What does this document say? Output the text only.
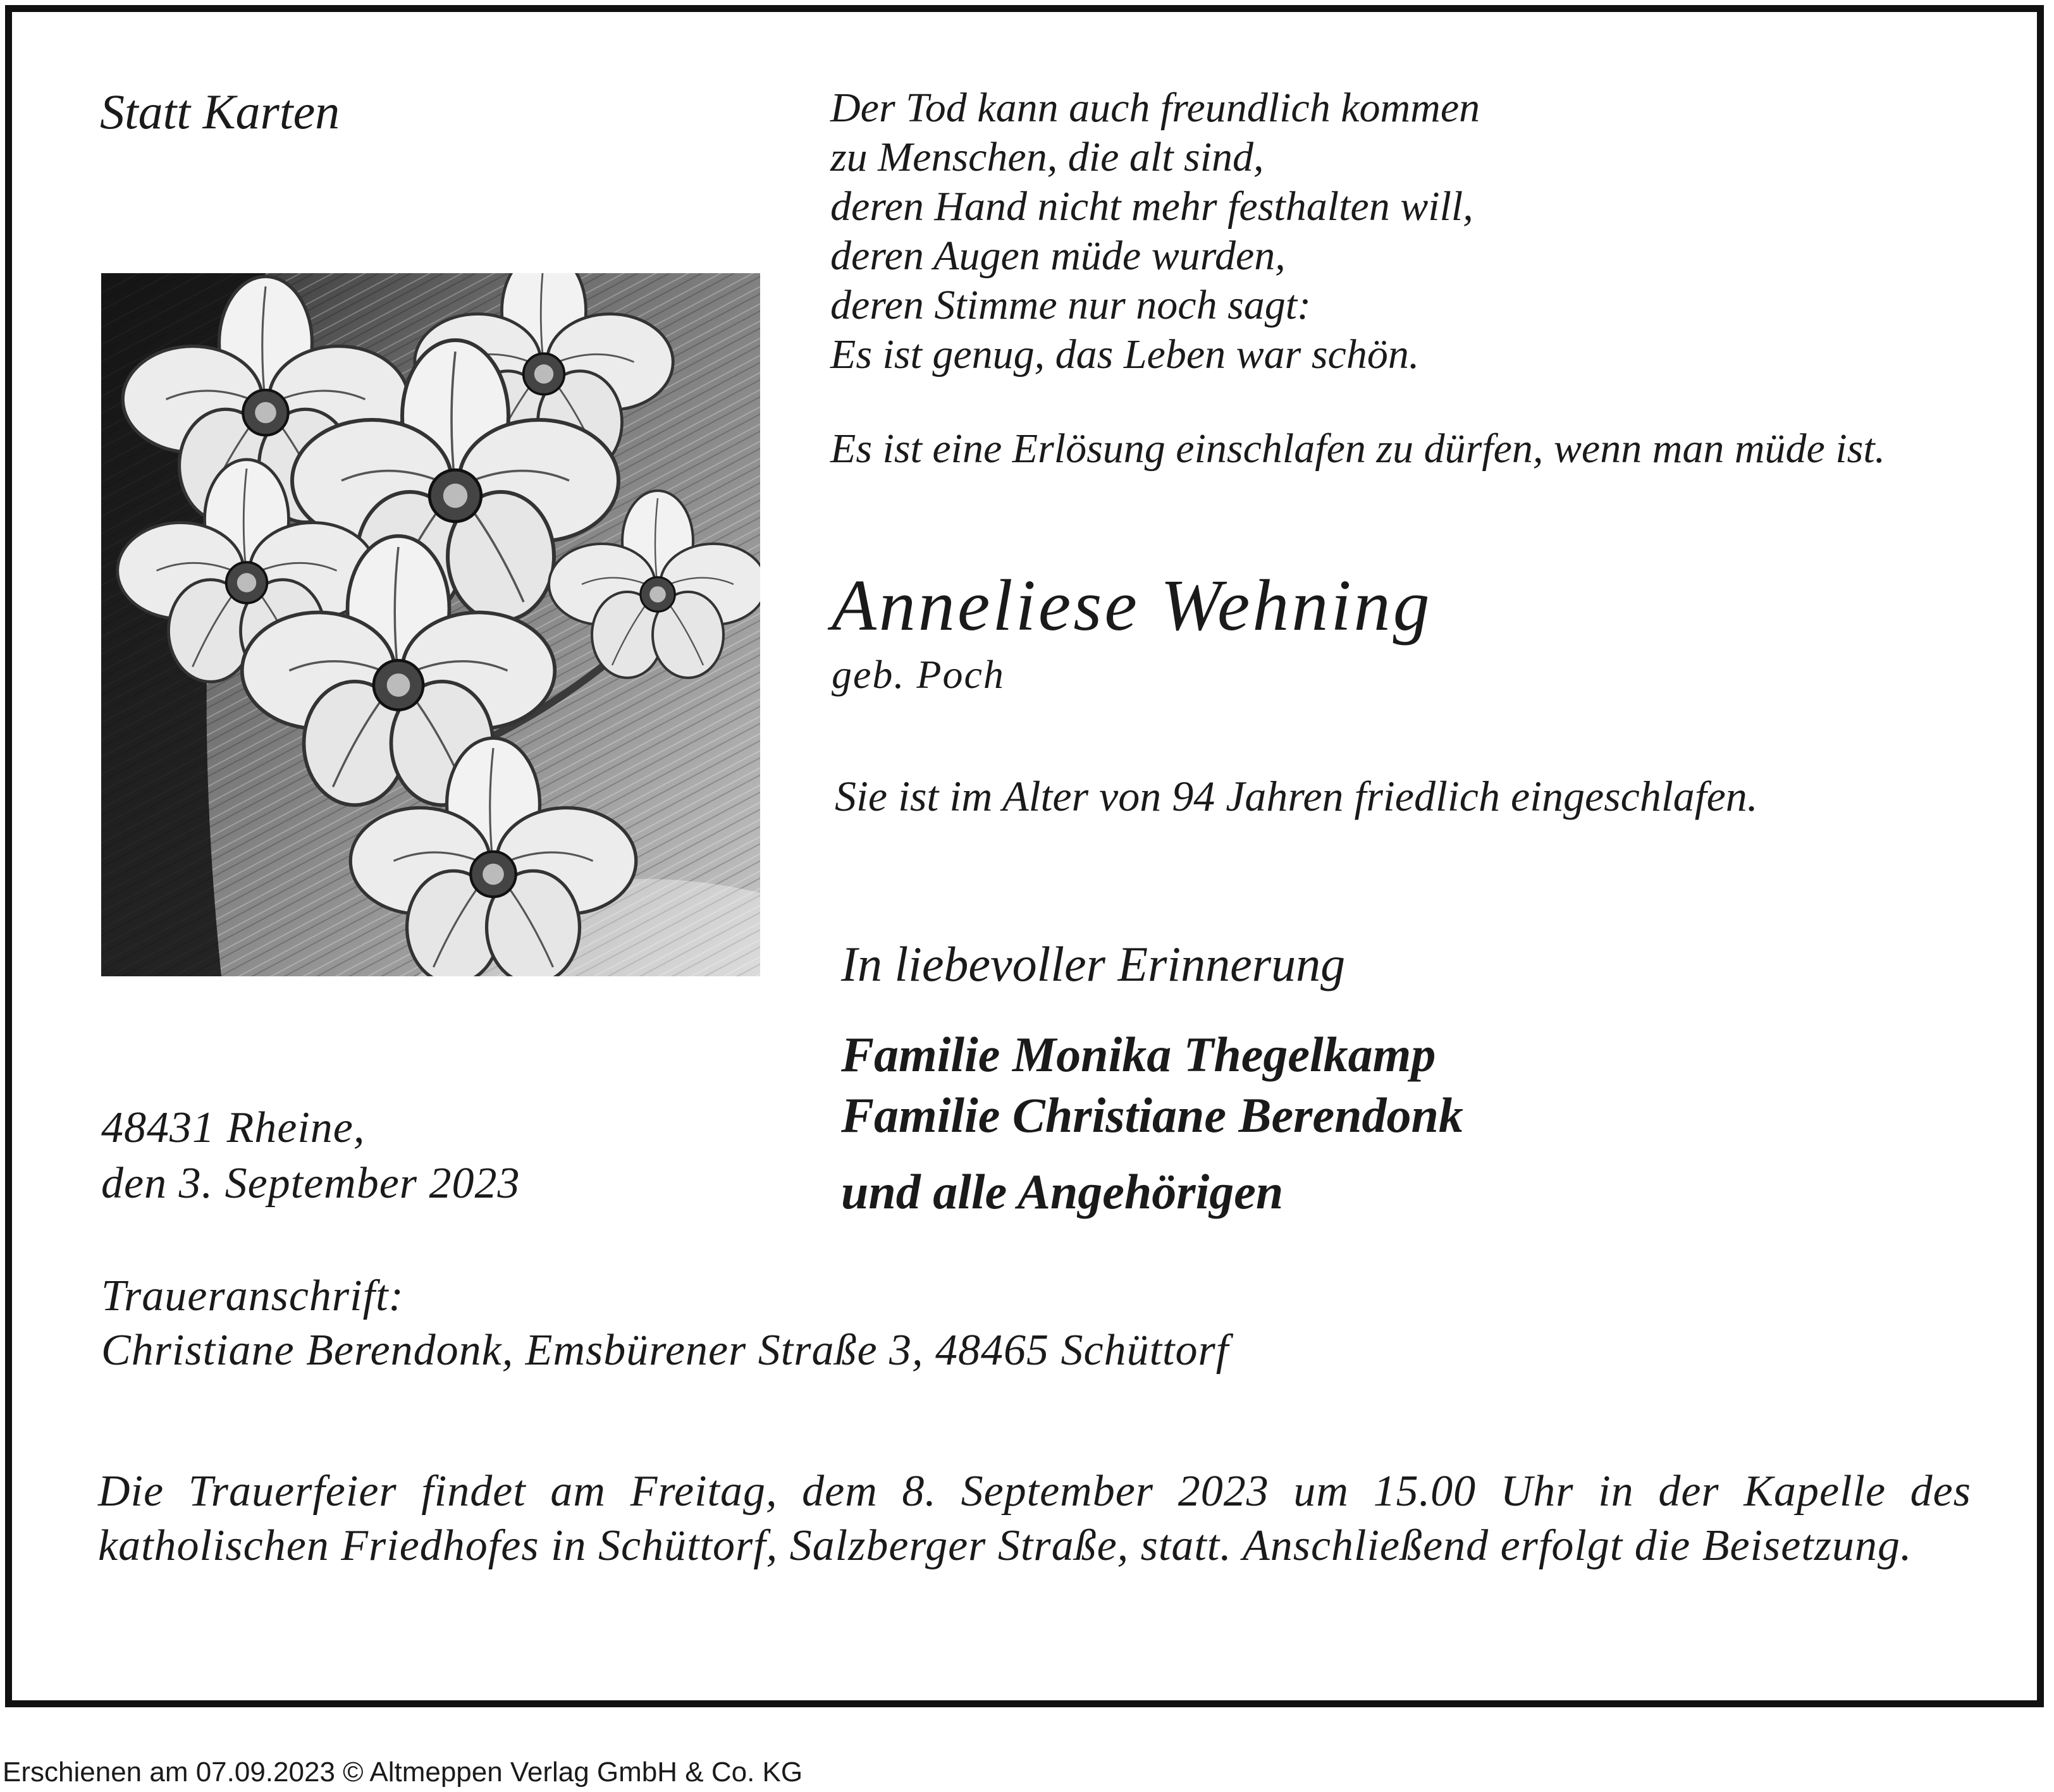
Statt Karten	Der Tod kann auch freundlich kommen
zu Menschen, die alt sind,
deren Hand nicht mehr festhalten will,
deren Augen müde wurden,
deren Stimme nur noch sagt:
Es ist genug, das Leben war schön.
Es ist eine Erlösung einschlafen zu dürfen, wenn man müde ist.
Anneliese Wehning
geb. Poch
Sie ist im Alter von 94 Jahren friedlich eingeschlafen.
In liebevoller Erinnerung
Familie Monika Thegelkamp
Familie Christiane Berendonk
und alle Angehörigen
48431 Rheine,
den 3. September 2023
Traueranschrift:
Christiane Berendonk, Emsbürener Straße 3, 48465 Schüttorf
Die Trauerfeier findet am Freitag, dem 8. September 2023 um 15.00 Uhr in der Kapelle des katholischen Friedhofes in Schüttorf, Salzberger Straße, statt. Anschließend erfolgt die Beisetzung.
Erschienen am 07.09.2023 © Altmeppen Verlag GmbH & Co. KG
